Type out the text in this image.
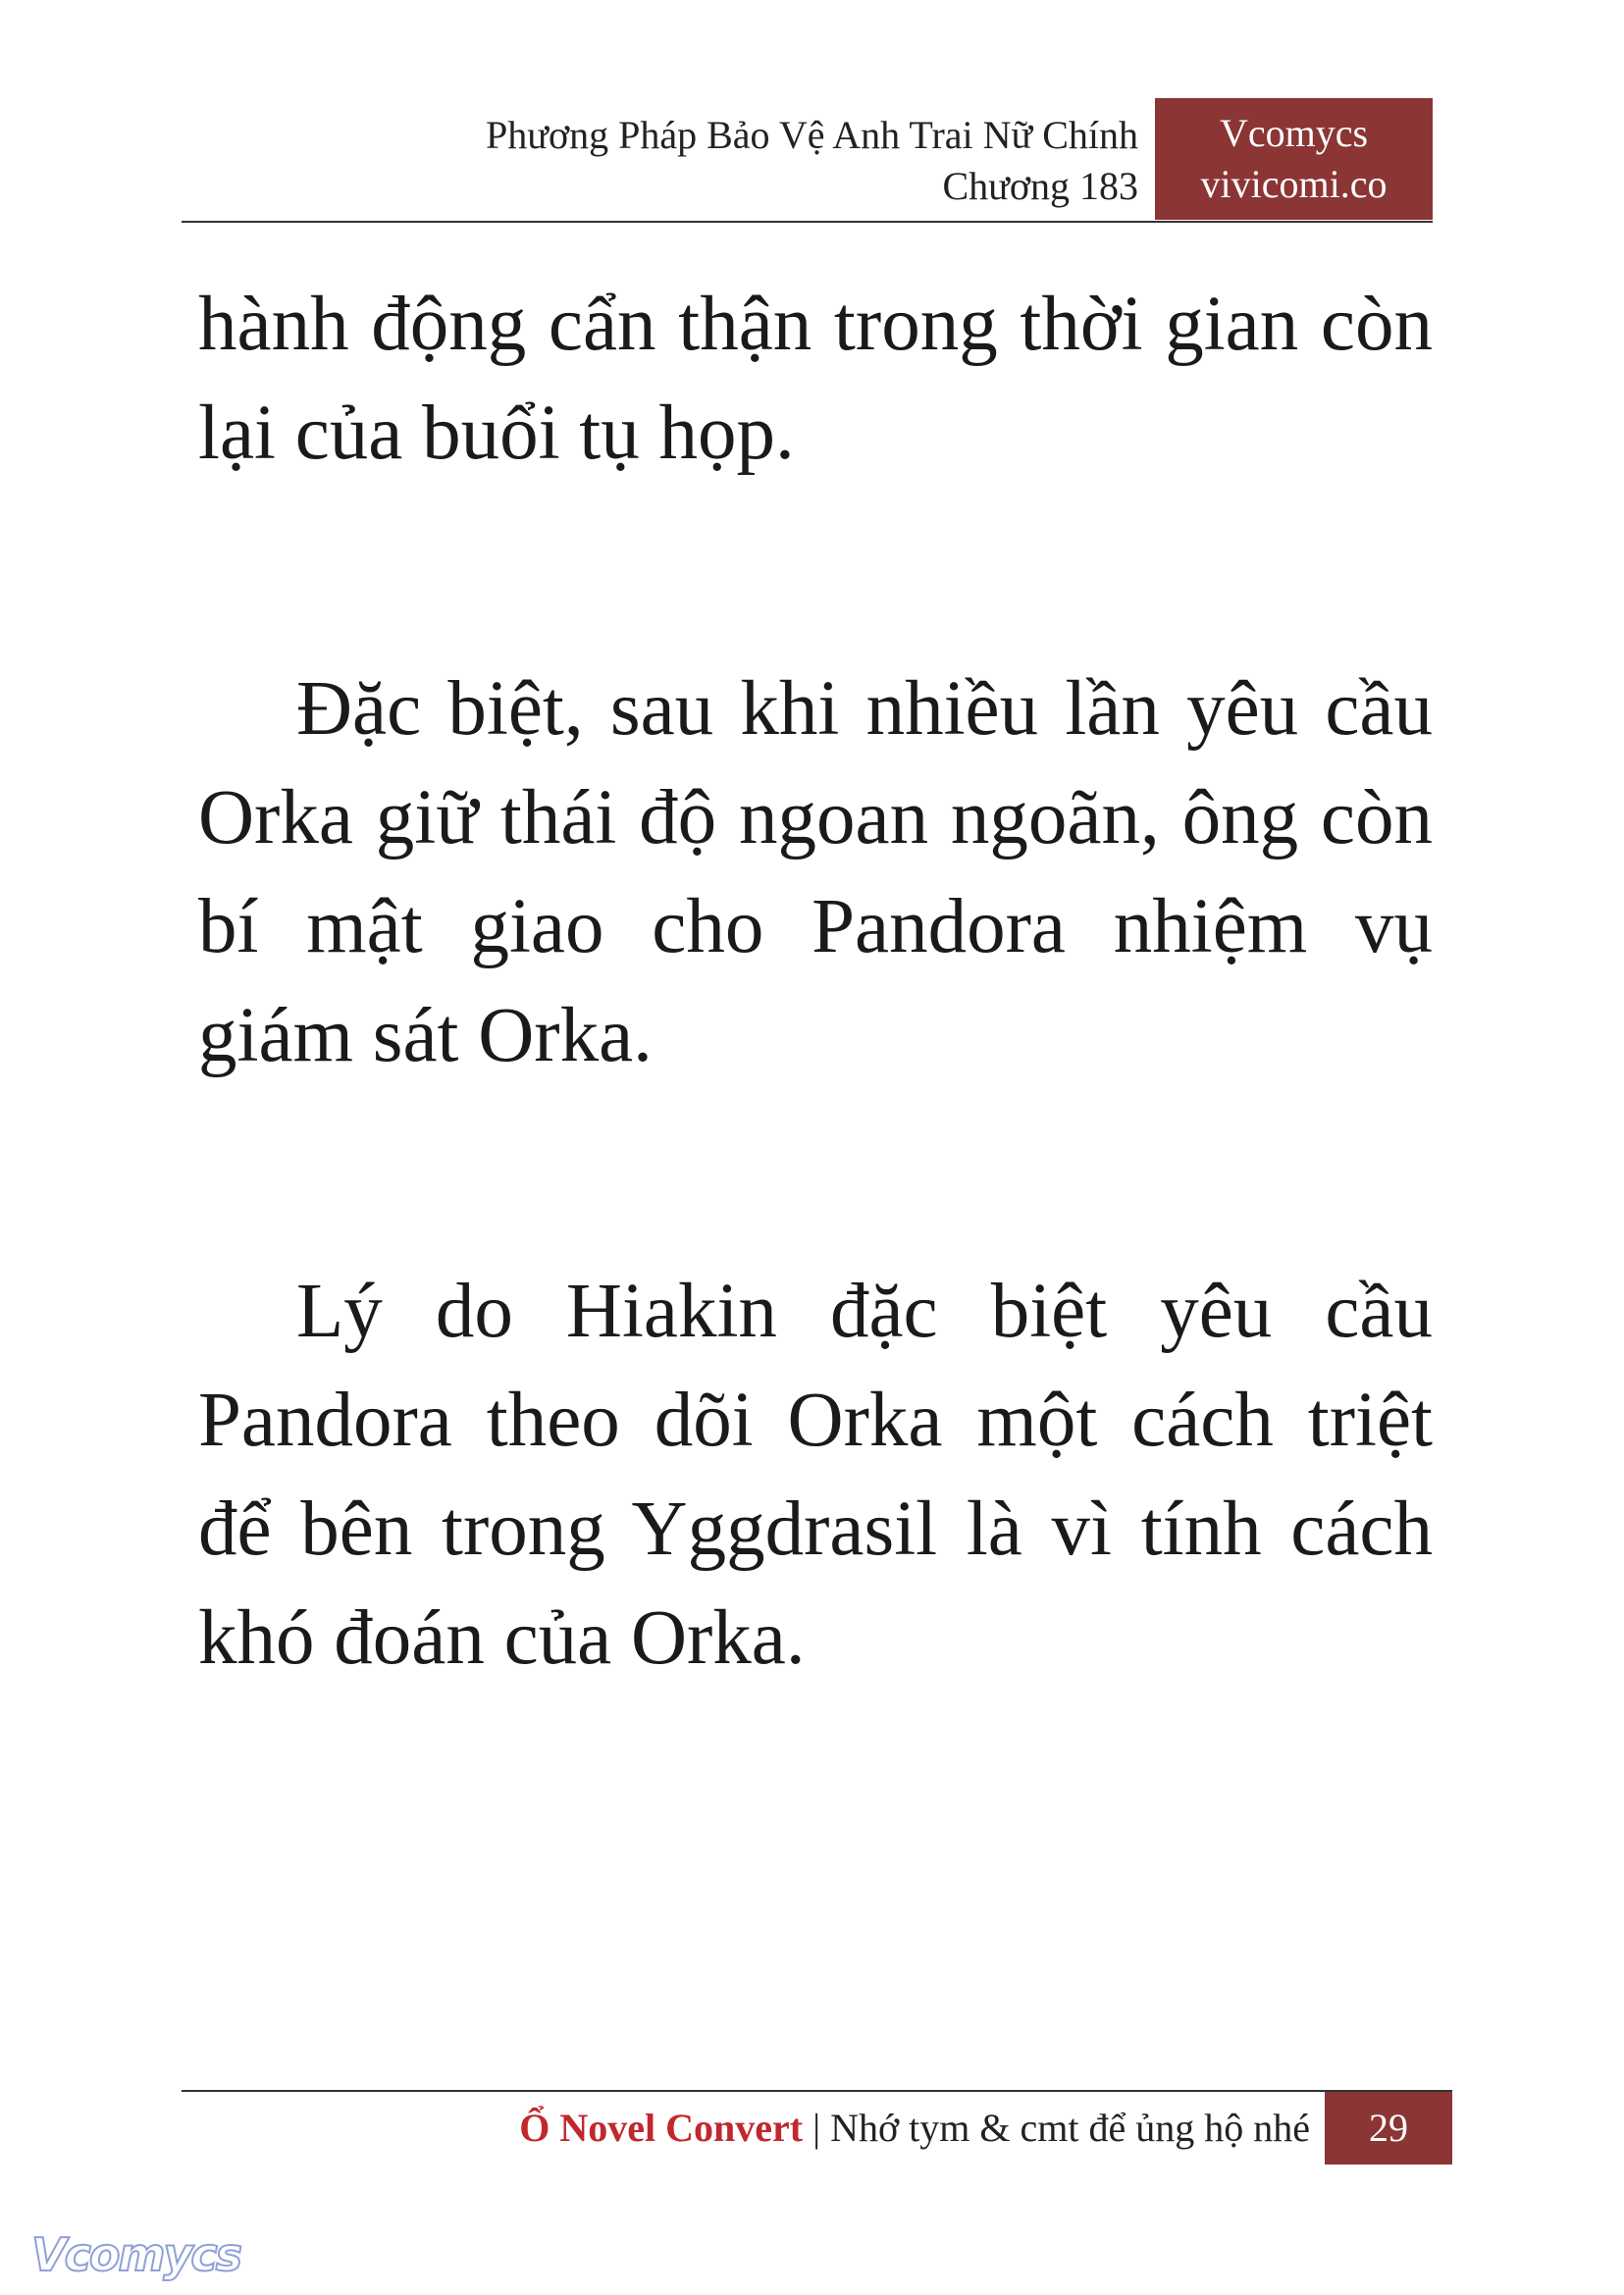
Phương Pháp Bảo Vệ Anh Trai Nữ Chính
Chương 183
Vcomycs
vivicomi.co

hành động cẩn thận trong thời gian còn lại của buổi tụ họp.

Đặc biệt, sau khi nhiều lần yêu cầu Orka giữ thái độ ngoan ngoãn, ông còn bí mật giao cho Pandora nhiệm vụ giám sát Orka.

Lý do Hiakin đặc biệt yêu cầu Pandora theo dõi Orka một cách triệt để bên trong Yggdrasil là vì tính cách khó đoán của Orka.

Ổ Novel Convert | Nhớ tym & cmt để ủng hộ nhé	29
Vcomycs
